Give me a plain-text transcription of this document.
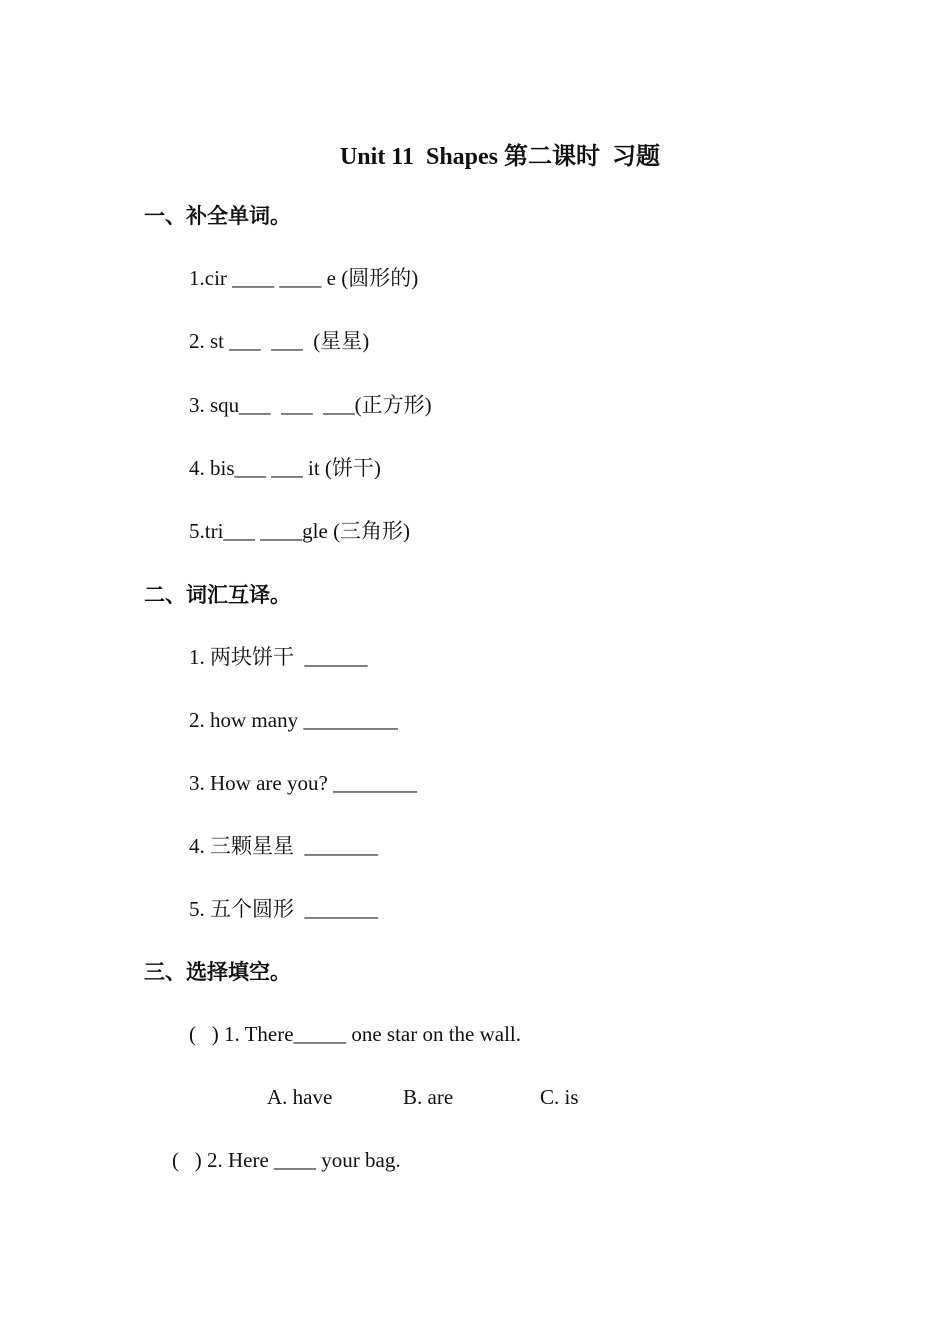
Unit 11  Shapes 第二课时  习题
一、补全单词。
1.cir ____ ____ e (圆形的)
2. st ___  ___  (星星)
3. squ___  ___  ___(正方形)
4. bis___ ___ it (饼干)
5.tri___ ____gle (三角形)
二、词汇互译。
1. 两块饼干  ______
2. how many _________
3. How are you? ________
4. 三颗星星  _______
5. 五个圆形  _______
三、选择填空。
(   ) 1. There_____ one star on the wall.
A. have	B. are	C. is
(   ) 2. Here ____ your bag.
